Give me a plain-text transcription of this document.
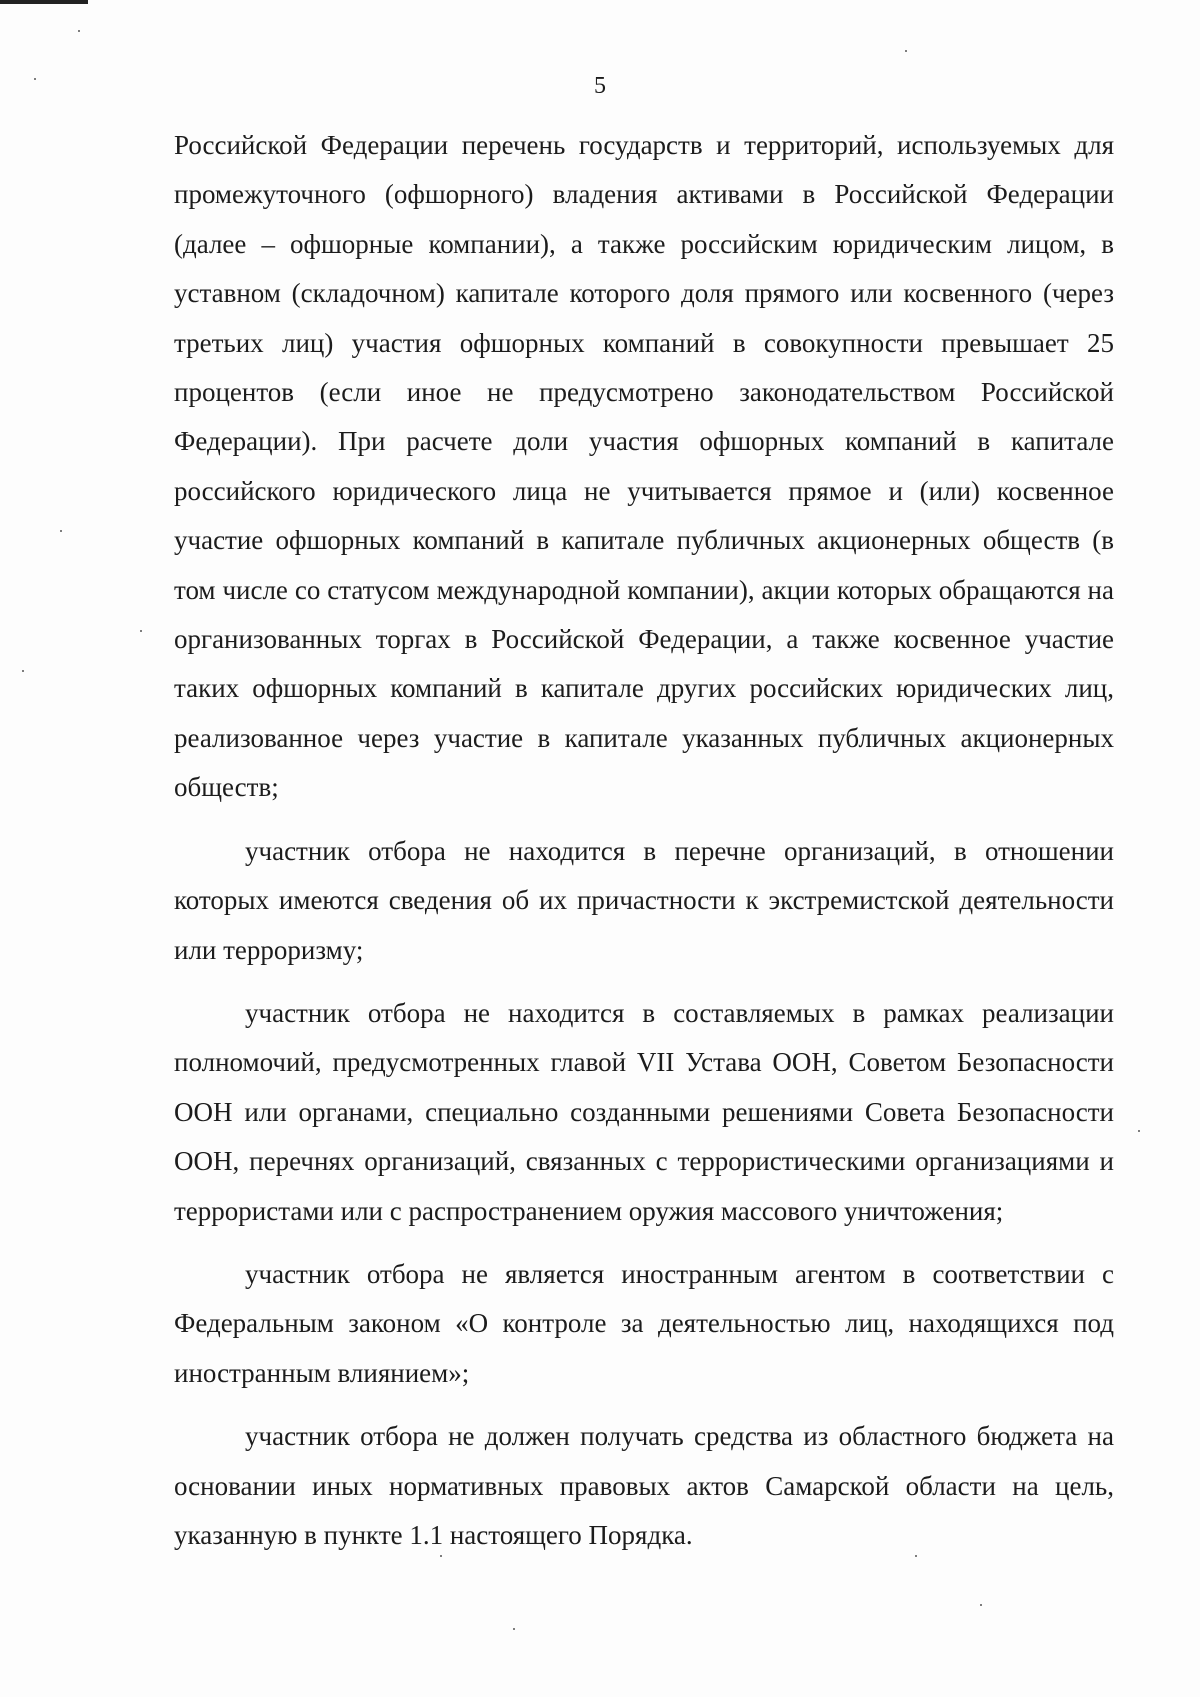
5

Российской Федерации перечень государств и территорий, используемых для промежуточного (офшорного) владения активами в Российской Федерации (далее – офшорные компании), а также российским юридическим лицом, в уставном (складочном) капитале которого доля прямого или косвенного (через третьих лиц) участия офшорных компаний в совокупности превышает 25 процентов (если иное не предусмотрено законодательством Российской Федерации). При расчете доли участия офшорных компаний в капитале российского юридического лица не учитывается прямое и (или) косвенное участие офшорных компаний в капитале публичных акционерных обществ (в том числе со статусом международной компании), акции которых обращаются на организованных торгах в Российской Федерации, а также косвенное участие таких офшорных компаний в капитале других российских юридических лиц, реализованное через участие в капитале указанных публичных акционерных обществ;

участник отбора не находится в перечне организаций, в отношении которых имеются сведения об их причастности к экстремистской деятельности или терроризму;

участник отбора не находится в составляемых в рамках реализации полномочий, предусмотренных главой VII Устава ООН, Советом Безопасности ООН или органами, специально созданными решениями Совета Безопасности ООН, перечнях организаций, связанных с террористическими организациями и террористами или с распространением оружия массового уничтожения;

участник отбора не является иностранным агентом в соответствии с Федеральным законом «О контроле за деятельностью лиц, находящихся под иностранным влиянием»;

участник отбора не должен получать средства из областного бюджета на основании иных нормативных правовых актов Самарской области на цель, указанную в пункте 1.1 настоящего Порядка.
